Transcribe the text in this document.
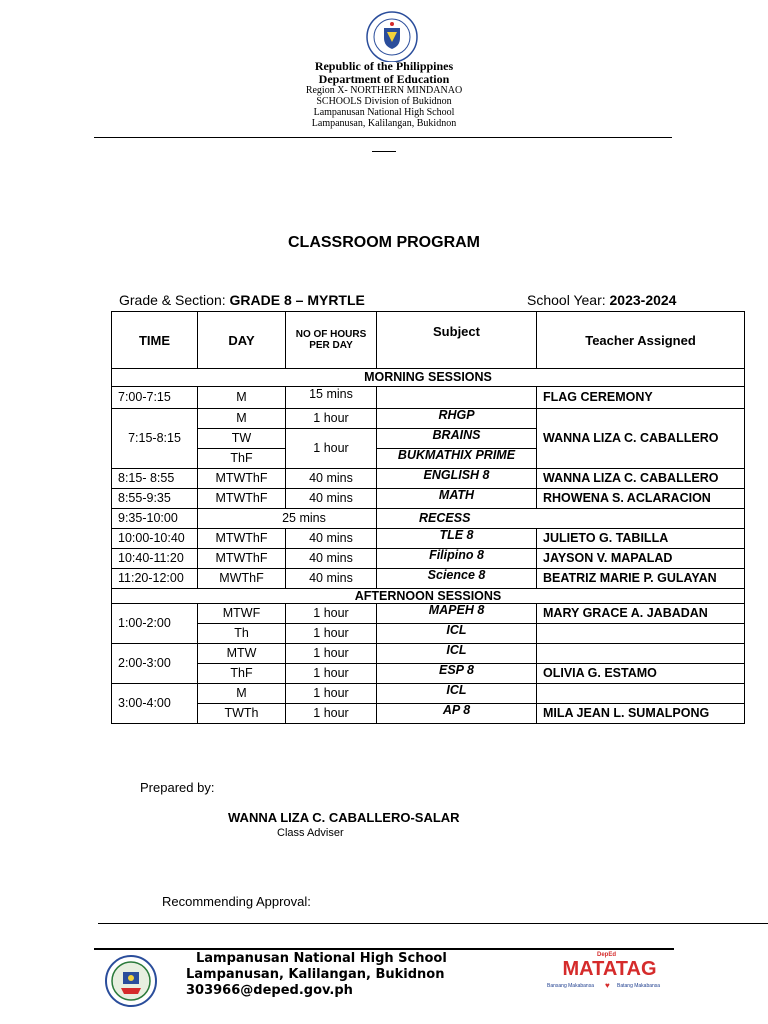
Republic of the Philippines
Department of Education
Region X- NORTHERN MINDANAO
SCHOOLS Division of Bukidnon
Lampanusan National High School
Lampanusan, Kalilangan, Bukidnon
CLASSROOM PROGRAM
Grade & Section: GRADE 8 – MYRTLE	School Year: 2023-2024
TIME	DAY	NO OF HOURS PER DAY	Subject	Teacher Assigned
MORNING SESSIONS				
7:00-7:15	M	15 mins		FLAG CEREMONY
7:15-8:15	M	1 hour	RHGP	WANNA LIZA C. CABALLERO
	TW	1 hour	BRAINS	
	ThF		BUKMATHIX PRIME	
8:15- 8:55	MTWThF	40 mins	ENGLISH 8	WANNA LIZA C. CABALLERO
8:55-9:35	MTWThF	40 mins	MATH	RHOWENA S. ACLARACION
9:35-10:00	25 mins		RECESS	
10:00-10:40	MTWThF	40 mins	TLE 8	JULIETO G. TABILLA
10:40-11:20	MTWThF	40 mins	Filipino 8	JAYSON V. MAPALAD
11:20-12:00	MWThF	40 mins	Science 8	BEATRIZ MARIE P. GULAYAN
AFTERNOON SESSIONS				
1:00-2:00	MTWF	1 hour	MAPEH 8	MARY GRACE A. JABADAN
	Th	1 hour	ICL	
2:00-3:00	MTW	1 hour	ICL	
	ThF	1 hour	ESP 8	OLIVIA G. ESTAMO
3:00-4:00	M	1 hour	ICL	
	TWTh	1 hour	AP 8	MILA JEAN L. SUMALPONG
Prepared by:
WANNA LIZA C. CABALLERO-SALAR
Class Adviser
Recommending Approval:
Lampanusan National High School
Lampanusan, Kalilangan, Bukidnon
303966@deped.gov.ph
DepEd
MATATAG
Bansang Makabansa ♥ Batang Makabansa
